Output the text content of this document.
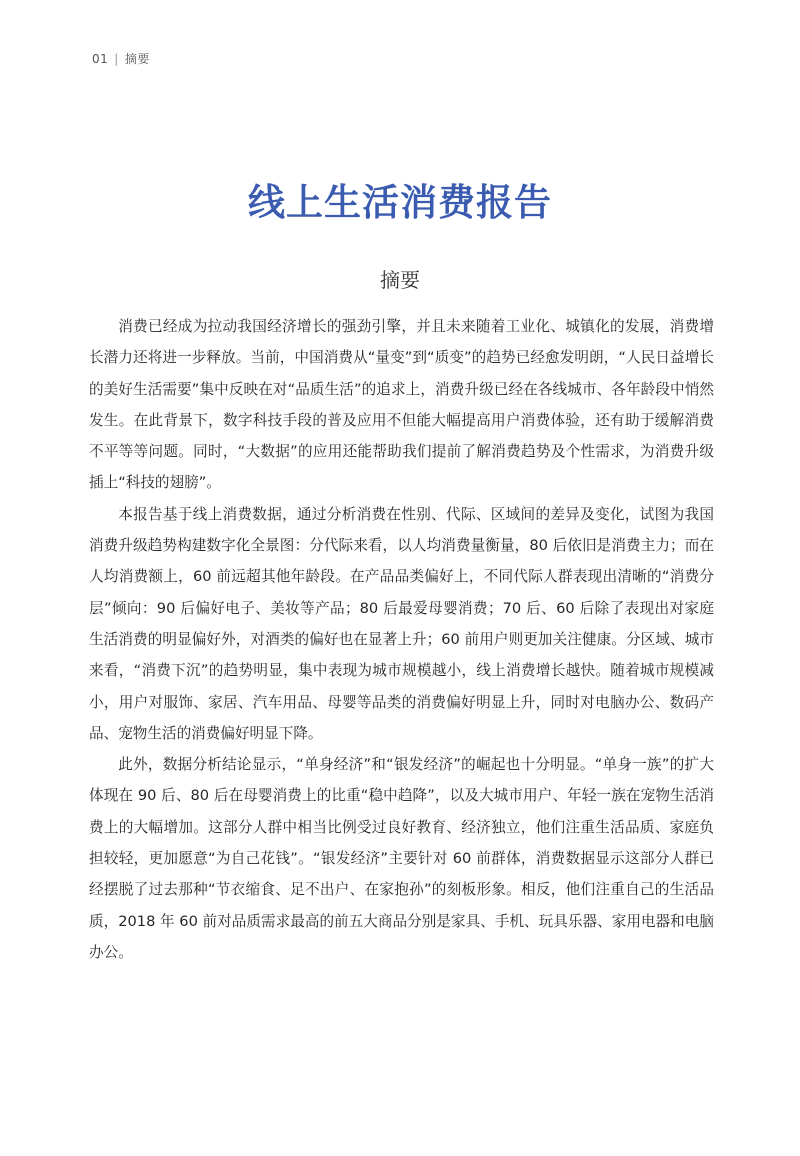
01 | 摘要
线上生活消费报告
摘要

消费已经成为拉动我国经济增长的强劲引擎，并且未来随着工业化、城镇化的发展，消费增长潜力还将进一步释放。当前，中国消费从“量变”到“质变”的趋势已经愈发明朗，“人民日益增长的美好生活需要”集中反映在对“品质生活”的追求上，消费升级已经在各线城市、各年龄段中悄然发生。在此背景下，数字科技手段的普及应用不但能大幅提高用户消费体验，还有助于缓解消费不平等等问题。同时，“大数据”的应用还能帮助我们提前了解消费趋势及个性需求，为消费升级插上“科技的翅膀”。

本报告基于线上消费数据，通过分析消费在性别、代际、区域间的差异及变化，试图为我国消费升级趋势构建数字化全景图：分代际来看，以人均消费量衡量，80 后依旧是消费主力；而在人均消费额上，60 前远超其他年龄段。在产品品类偏好上，不同代际人群表现出清晰的“消费分层”倾向：90 后偏好电子、美妆等产品；80 后最爱母婴消费；70 后、60 后除了表现出对家庭生活消费的明显偏好外，对酒类的偏好也在显著上升；60 前用户则更加关注健康。分区域、城市来看，“消费下沉”的趋势明显，集中表现为城市规模越小，线上消费增长越快。随着城市规模减小，用户对服饰、家居、汽车用品、母婴等品类的消费偏好明显上升，同时对电脑办公、数码产品、宠物生活的消费偏好明显下降。

此外，数据分析结论显示，“单身经济”和“银发经济”的崛起也十分明显。“单身一族”的扩大体现在 90 后、80 后在母婴消费上的比重“稳中趋降”，以及大城市用户、年轻一族在宠物生活消费上的大幅增加。这部分人群中相当比例受过良好教育、经济独立，他们注重生活品质、家庭负担较轻，更加愿意“为自己花钱”。“银发经济”主要针对 60 前群体，消费数据显示这部分人群已经摆脱了过去那种“节衣缩食、足不出户、在家抱孙”的刻板形象。相反，他们注重自己的生活品质，2018 年 60 前对品质需求最高的前五大商品分别是家具、手机、玩具乐器、家用电器和电脑办公。
